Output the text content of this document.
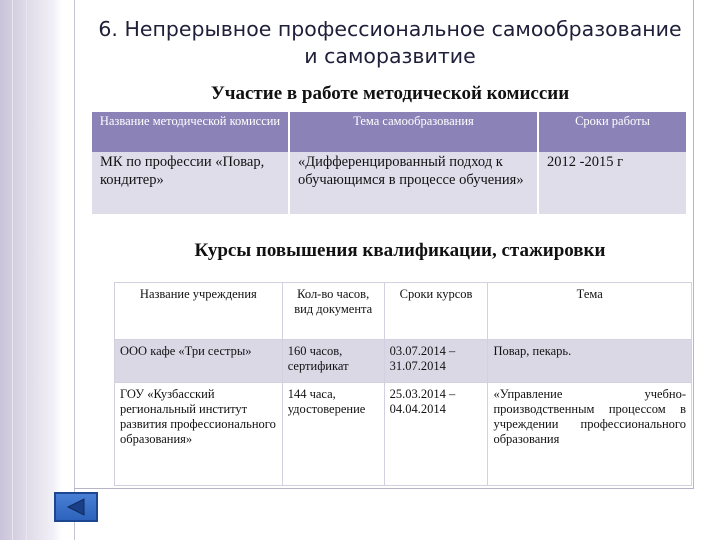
6. Непрерывное профессиональное самообразование
и саморазвитие
Участие в работе методической комиссии
Название методической комиссии	Тема самообразования	Сроки работы
МК по профессии «Повар, кондитер»	«Дифференцированный подход к обучающимся в процессе обучения»	2012 -2015 г
Курсы повышения квалификации, стажировки
Название учреждения	Кол-во часов, вид документа	Сроки курсов	Тема
ООО кафе «Три сестры»	160 часов, сертификат	03.07.2014 – 31.07.2014	Повар, пекарь.
ГОУ «Кузбасский региональный институт развития профессионального образования»	144 часа, удостоверение	25.03.2014 – 04.04.2014	«Управление учебно-производственным процессом в учреждении профессионального образования
